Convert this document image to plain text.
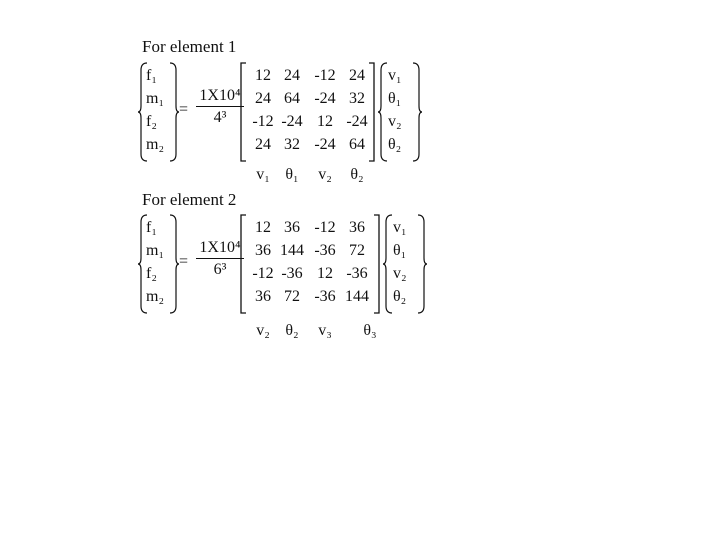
For element 1
f₁
m₁
f₂
m₂
=
1X10⁴
4³
12 24 -12 24
24 64 -24 32
-12 -24 12 -24
24 32 -24 64
v₁
θ₁
v₂
θ₂
v₁ θ₁	v₂	θ₂
For element 2
f₁
m₁
f₂
m₂
=
1X10⁴
6³
12 36 -12 36
36 144 -36 72
-12 -36 12 -36
36 72 -36 144
v₁
θ₁
v₂
θ₂
v₂ θ₂	v₃	θ₃
